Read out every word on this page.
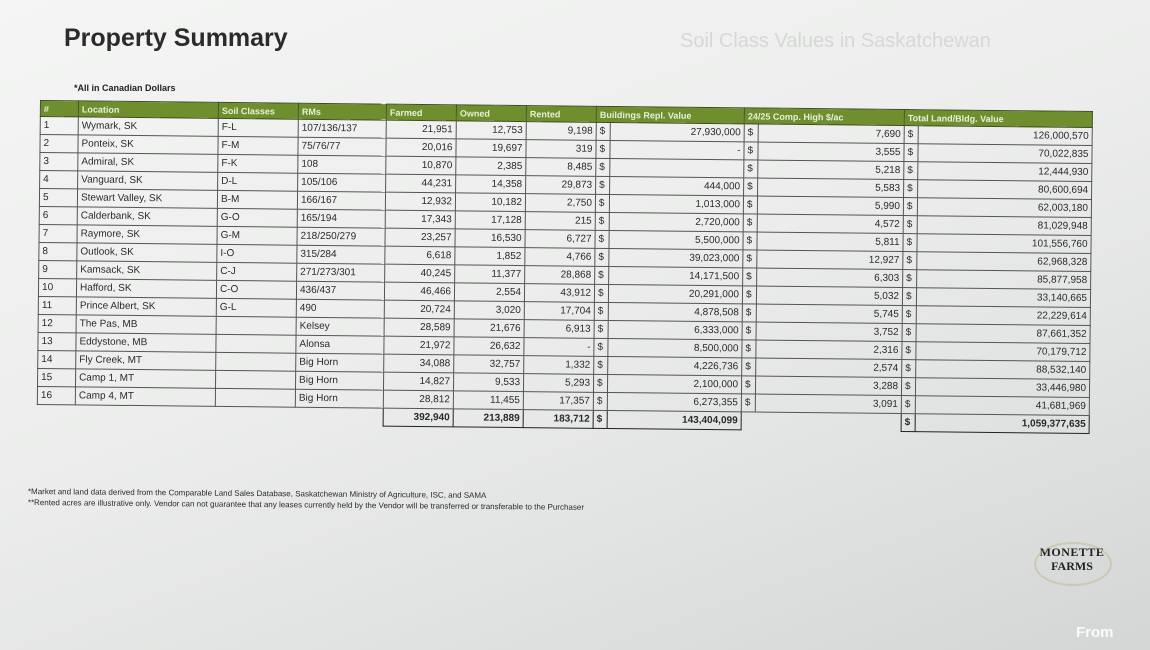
Soil Class Values in Saskatchewan
Property Summary
*All in Canadian Dollars
#	Location	Soil Classes	RMs	Farmed	Owned	Rented	Buildings Repl. Value		24/25 Comp. High $/ac		Total Land/Bldg. Value	
1	Wymark, SK	F-L	107/136/137	21,951	12,753	9,198	$	27,930,000	$	7,690	$	126,000,570
2	Ponteix, SK	F-M	75/76/77	20,016	19,697	319	$	-	$	3,555	$	70,022,835
3	Admiral, SK	F-K	108	10,870	2,385	8,485	$		$	5,218	$	12,444,930
4	Vanguard, SK	D-L	105/106	44,231	14,358	29,873	$	444,000	$	5,583	$	80,600,694
5	Stewart Valley, SK	B-M	166/167	12,932	10,182	2,750	$	1,013,000	$	5,990	$	62,003,180
6	Calderbank, SK	G-O	165/194	17,343	17,128	215	$	2,720,000	$	4,572	$	81,029,948
7	Raymore, SK	G-M	218/250/279	23,257	16,530	6,727	$	5,500,000	$	5,811	$	101,556,760
8	Outlook, SK	I-O	315/284	6,618	1,852	4,766	$	39,023,000	$	12,927	$	62,968,328
9	Kamsack, SK	C-J	271/273/301	40,245	11,377	28,868	$	14,171,500	$	6,303	$	85,877,958
10	Hafford, SK	C-O	436/437	46,466	2,554	43,912	$	20,291,000	$	5,032	$	33,140,665
11	Prince Albert, SK	G-L	490	20,724	3,020	17,704	$	4,878,508	$	5,745	$	22,229,614
12	The Pas, MB		Kelsey	28,589	21,676	6,913	$	6,333,000	$	3,752	$	87,661,352
13	Eddystone, MB		Alonsa	21,972	26,632	-	$	8,500,000	$	2,316	$	70,179,712
14	Fly Creek, MT		Big Horn	34,088	32,757	1,332	$	4,226,736	$	2,574	$	88,532,140
15	Camp 1, MT		Big Horn	14,827	9,533	5,293	$	2,100,000	$	3,288	$	33,446,980
16	Camp 4, MT		Big Horn	28,812	11,455	17,357	$	6,273,355	$	3,091	$	41,681,969
				392,940	213,889	183,712	$	143,404,099			$	1,059,377,635
*Market and land data derived from the Comparable Land Sales Database, Saskatchewan Ministry of Agriculture, ISC, and SAMA
**Rented acres are illustrative only. Vendor can not guarantee that any leases currently held by the Vendor will be transferred or transferable to the Purchaser
MONETTE
FARMS
From
